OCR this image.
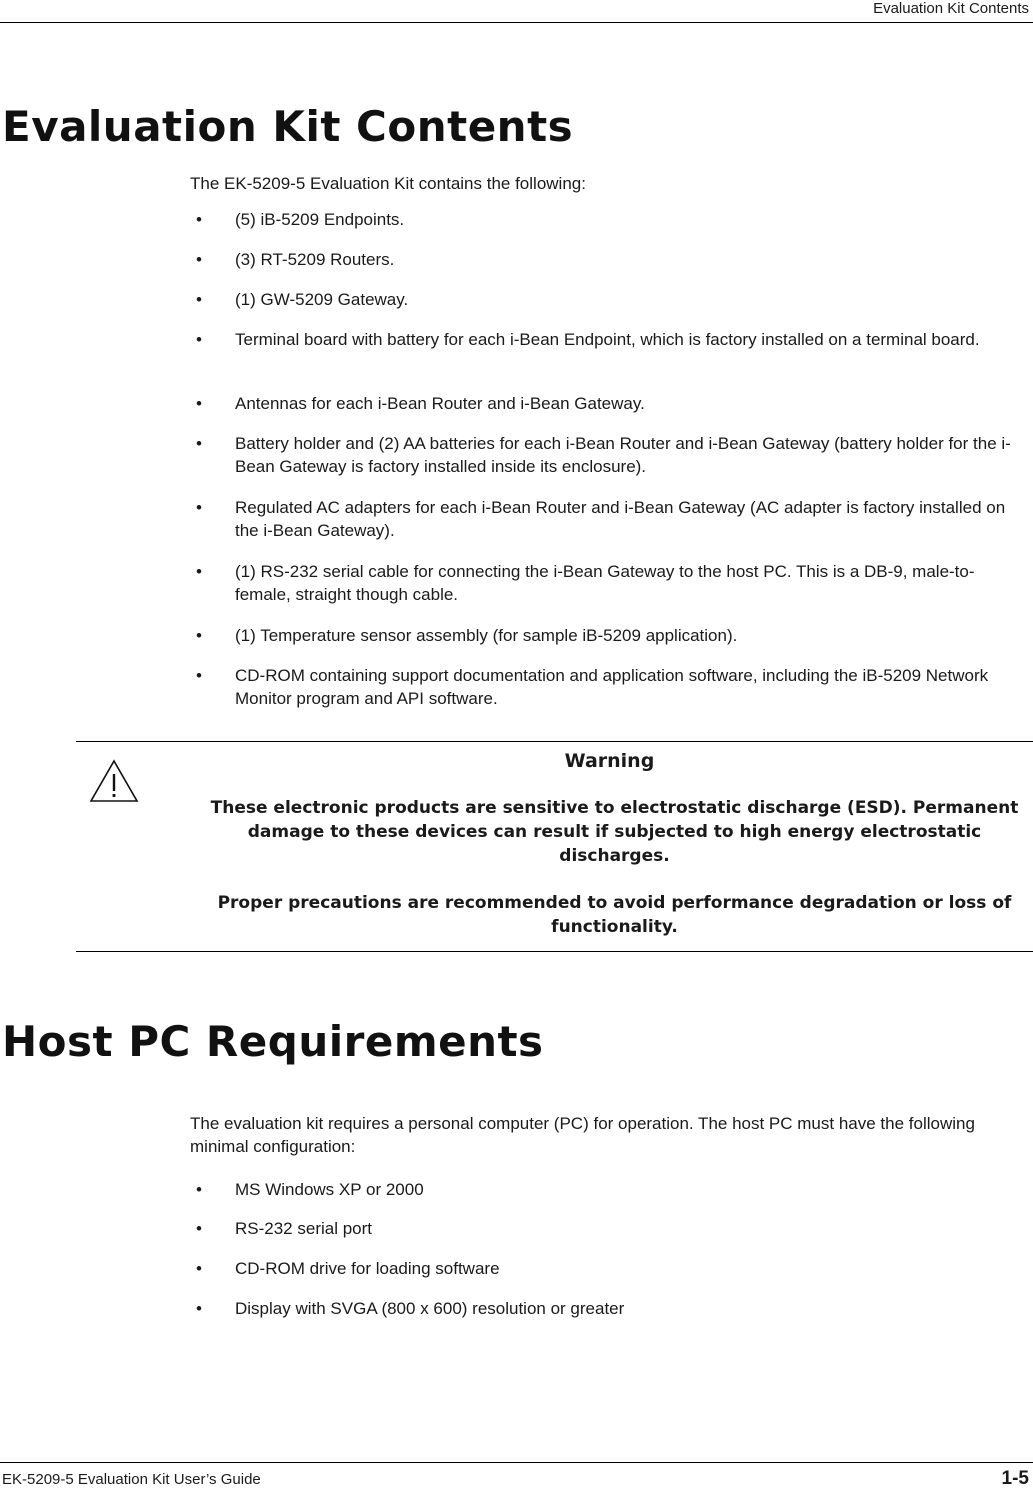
Evaluation Kit Contents
Evaluation Kit Contents

The EK-5209-5 Evaluation Kit contains the following:

• (5) iB-5209 Endpoints.
• (3) RT-5209 Routers.
• (1) GW-5209 Gateway.
• Terminal board with battery for each i-Bean Endpoint, which is factory installed on a terminal board.
• Antennas for each i-Bean Router and i-Bean Gateway.
• Battery holder and (2) AA batteries for each i-Bean Router and i-Bean Gateway (battery holder for the i-Bean Gateway is factory installed inside its enclosure).
• Regulated AC adapters for each i-Bean Router and i-Bean Gateway (AC adapter is factory installed on the i-Bean Gateway).
• (1) RS-232 serial cable for connecting the i-Bean Gateway to the host PC. This is a DB-9, male-to-female, straight though cable.
• (1) Temperature sensor assembly (for sample iB-5209 application).
• CD-ROM containing support documentation and application software, including the iB-5209 Network Monitor program and API software.
Warning
These electronic products are sensitive to electrostatic discharge (ESD). Permanent damage to these devices can result if subjected to high energy electrostatic discharges.
Proper precautions are recommended to avoid performance degradation or loss of functionality.
Host PC Requirements

The evaluation kit requires a personal computer (PC) for operation. The host PC must have the following minimal configuration:

• MS Windows XP or 2000
• RS-232 serial port
• CD-ROM drive for loading software
• Display with SVGA (800 x 600) resolution or greater
EK-5209-5 Evaluation Kit User’s Guide	1-5
